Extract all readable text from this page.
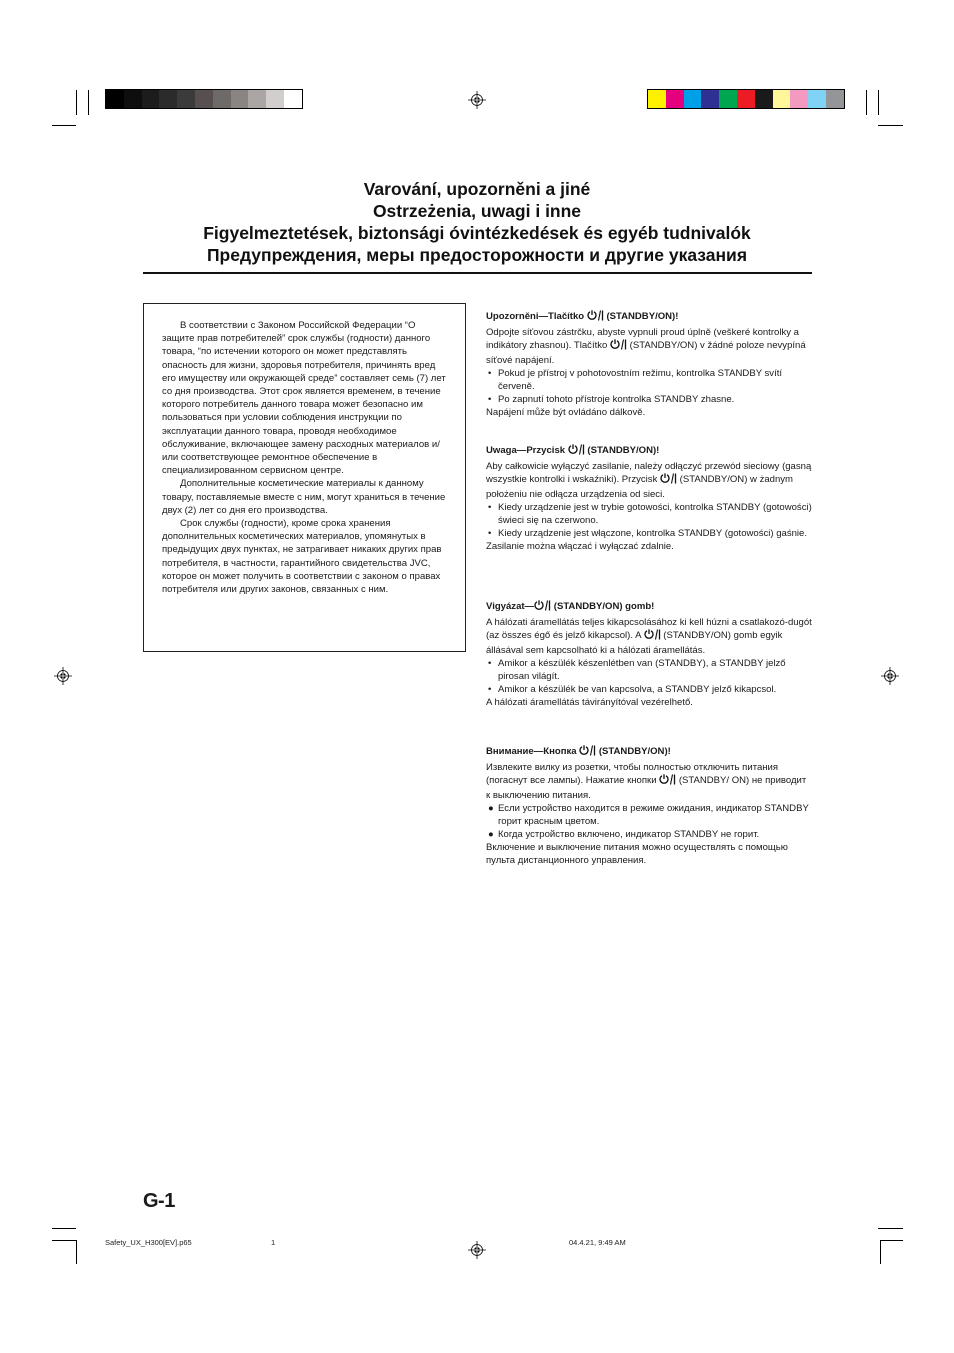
Varování, upozorněni a jiné

Ostrzeżenia, uwagi i inne

Figyelmeztetések, biztonsági óvintézkedések és egyéb tudnivalók

Предупреждения, меры предосторожности и другие указания

В соответствии с Законом Российской Федерации “О защите прав потребителей” срок службы (годности) данного товара, “по истечении которого он может представлять опасность для жизни, здоровья потребителя, причинять вред его имуществу или окружающей среде” составляет семь (7) лет со дня производства. Этот срок является временем, в течение которого потребитель данного товара может безопасно им пользоваться при условии соблюдения инструкции по эксплуатации данного товара, проводя необходимое обслуживание, включающее замену расходных материалов и/или соответствующее ремонтное обеспечение в специализированном сервисном центре.

Дополнительные косметические материалы к данному товару, поставляемые вместе с ним, могут храниться в течение двух (2) лет со дня его производства.

Срок службы (годности), кроме срока хранения дополнительных косметических материалов, упомянутых в предыдущих двух пунктах, не затрагивает никаких других прав потребителя, в частности, гарантийного свидетельства JVC, которое он может получить в соответствии с законом о правах потребителя или других законов, связанных с ним.

Upozorněni—Tlačítko (STANDBY/ON)!

Odpojte síťovou zástrčku, abyste vypnuli proud úplně (veškeré kontrolky a indikátory zhasnou). Tlačítko (STANDBY/ON) v žádné poloze nevypíná síťové napájení.

• Pokud je přístroj v pohotovostním režimu, kontrolka STANDBY svítí červeně.
• Po zapnutí tohoto přístroje kontrolka STANDBY zhasne.

Napájení může být ovládáno dálkově.

Uwaga—Przycisk (STANDBY/ON)!

Aby całkowicie wyłączyć zasilanie, należy odłączyć przewód sieciowy (gasną wszystkie kontrolki i wskaźniki). Przycisk (STANDBY/ON) w żadnym położeniu nie odłącza urządzenia od sieci.

• Kiedy urządzenie jest w trybie gotowości, kontrolka STANDBY (gotowości) świeci się na czerwono.
• Kiedy urządzenie jest włączone, kontrolka STANDBY (gotowości) gaśnie.

Zasilanie można włączać i wyłączać zdalnie.

Vigyázat— (STANDBY/ON) gomb!

A hálózati áramellátás teljes kikapcsolásához ki kell húzni a csatlakozó-dugót (az összes égő és jelző kikapcsol). A (STANDBY/ON) gomb egyik állásával sem kapcsolható ki a hálózati áramellátás.

• Amikor a készülék készenlétben van (STANDBY), a STANDBY jelző pirosan világít.
• Amikor a készülék be van kapcsolva, a STANDBY jelző kikapcsol.

A hálózati áramellátás távirányítóval vezérelhető.

Внимание—Кнопка (STANDBY/ON)!

Извлеките вилку из розетки, чтобы полностью отключить питания (погаснут все лампы). Нажатие кнопки (STANDBY/ ON) не приводит к выключению питания.

● Если устройство находится в режиме ожидания, индикатор STANDBY горит красным цветом.
● Когда устройство включено, индикатор STANDBY не горит.

Включение и выключение питания можно осуществлять с помощью пульта дистанционного управления.

G-1
Safety_UX_H300[EV].p65	1	04.4.21, 9:49 AM
